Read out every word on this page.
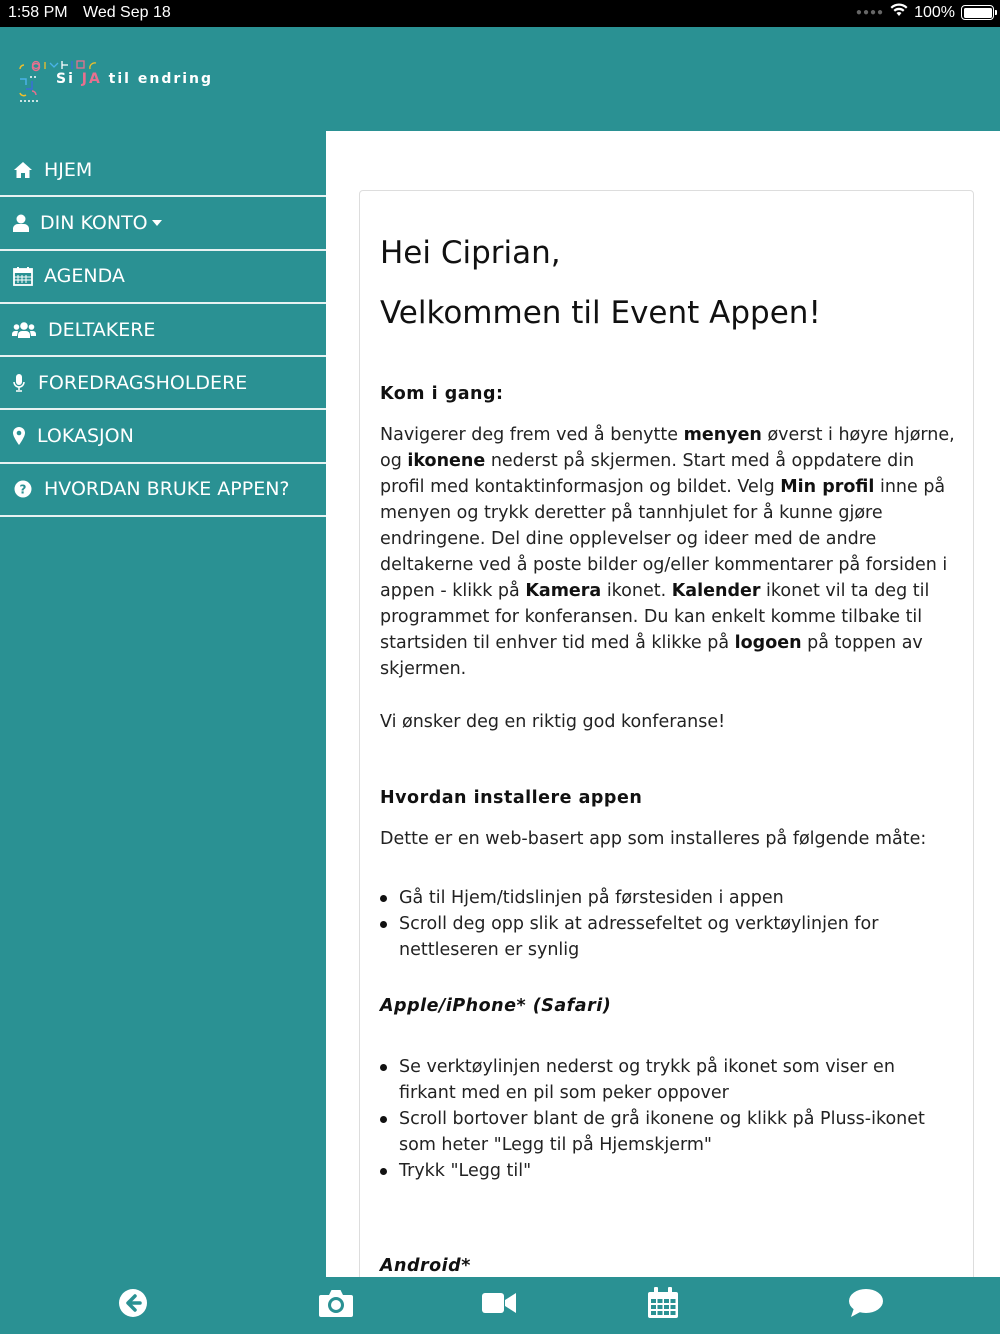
1:58 PM Wed Sep 18	●●●● 100%
Si JA til endring
HJEM
DIN KONTO
AGENDA
DELTAKERE
FOREDRAGSHOLDERE
LOKASJON
? HVORDAN BRUKE APPEN?
Hei Ciprian,
Velkommen til Event Appen!
Kom i gang:

Navigerer deg frem ved å benytte menyen øverst i høyre hjørne, og ikonene nederst på skjermen. Start med å oppdatere din profil med kontaktinformasjon og bildet. Velg Min profil inne på menyen og trykk deretter på tannhjulet for å kunne gjøre endringene. Del dine opplevelser og ideer med de andre deltakerne ved å poste bilder og/eller kommentarer på forsiden i appen - klikk på Kamera ikonet. Kalender ikonet vil ta deg til programmet for konferansen. Du kan enkelt komme tilbake til startsiden til enhver tid med å klikke på logoen på toppen av skjermen.

Vi ønsker deg en riktig god konferanse!

Hvordan installere appen

Dette er en web-basert app som installeres på følgende måte:

Gå til Hjem/tidslinjen på førstesiden i appen
Scroll deg opp slik at adressefeltet og verktøylinjen for nettleseren er synlig
Apple/iPhone* (Safari)
Se verktøylinjen nederst og trykk på ikonet som viser en firkant med en pil som peker oppover
Scroll bortover blant de grå ikonene og klikk på Pluss-ikonet som heter "Legg til på Hjemskjerm"
Trykk "Legg til"
Android*
